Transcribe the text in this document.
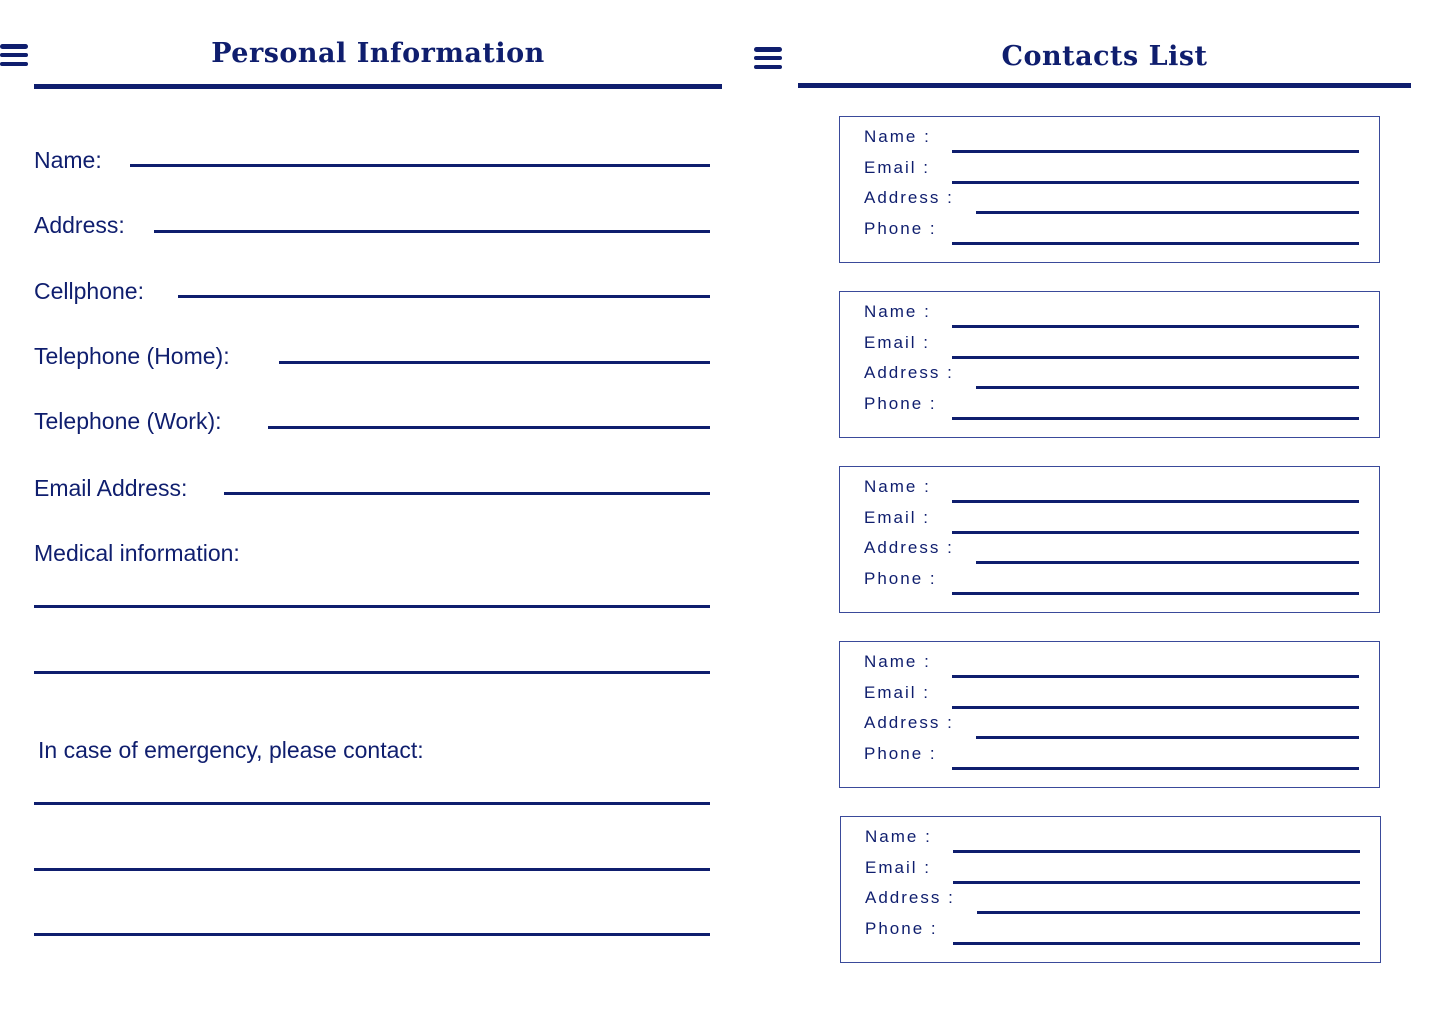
Personal Information
Name:
Address:
Cellphone:
Telephone (Home):
Telephone (Work):
Email Address:
Medical information:
In case of emergency, please contact:
Contacts List
Name :
Email :
Address :
Phone :
Name :
Email :
Address :
Phone :
Name :
Email :
Address :
Phone :
Name :
Email :
Address :
Phone :
Name :
Email :
Address :
Phone :
